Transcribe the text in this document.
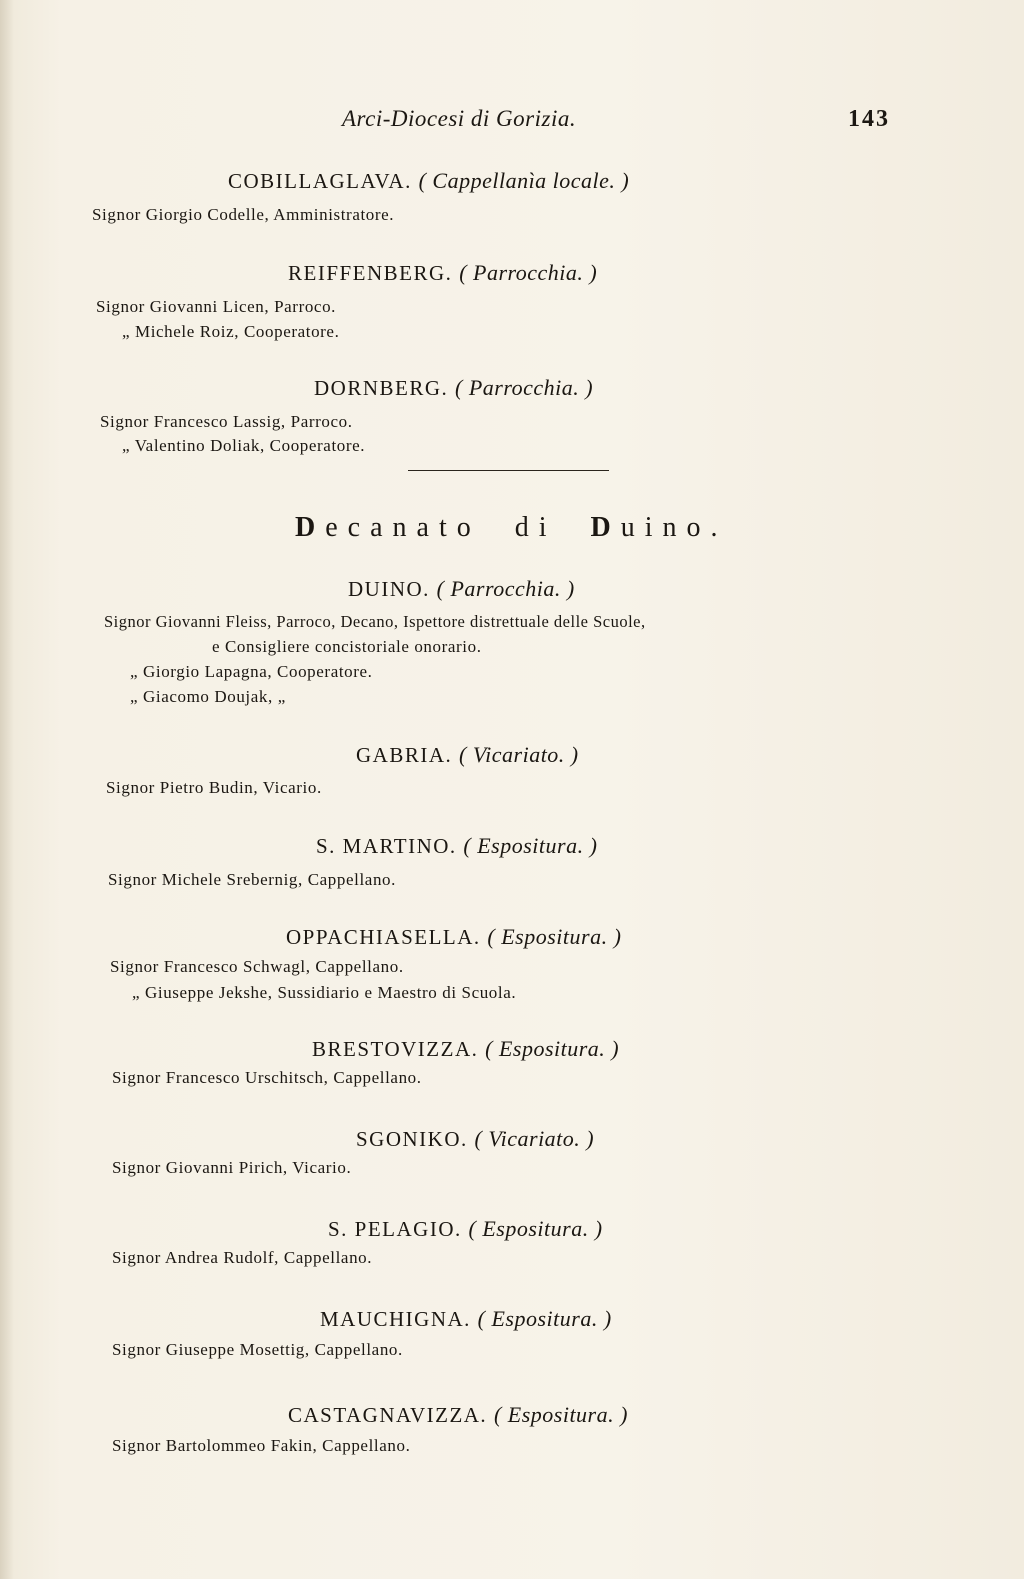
Arci-Diocesi di Gorizia.	143
COBILLAGLAVA. ( Cappellanìa locale. )
Signor Giorgio Codelle, Amministratore.
REIFFENBERG. ( Parrocchia. )
Signor Giovanni Licen, Parroco.
„ Michele Roiz, Cooperatore.
DORNBERG. ( Parrocchia. )
Signor Francesco Lassig, Parroco.
„ Valentino Doliak, Cooperatore.
Decanato di Duino.
DUINO. ( Parrocchia. )
Signor Giovanni Fleiss, Parroco, Decano, Ispettore distrettuale delle Scuole,
e Consigliere concistoriale onorario.
„ Giorgio Lapagna, Cooperatore.
„ Giacomo Doujak, „
GABRIA. ( Vicariato. )
Signor Pietro Budin, Vicario.
S. MARTINO. ( Espositura. )
Signor Michele Srebernig, Cappellano.
OPPACHIASELLA. ( Espositura. )
Signor Francesco Schwagl, Cappellano.
„ Giuseppe Jekshe, Sussidiario e Maestro di Scuola.
BRESTOVIZZA. ( Espositura. )
Signor Francesco Urschitsch, Cappellano.
SGONIKO. ( Vicariato. )
Signor Giovanni Pirich, Vicario.
S. PELAGIO. ( Espositura. )
Signor Andrea Rudolf, Cappellano.
MAUCHIGNA. ( Espositura. )
Signor Giuseppe Mosettig, Cappellano.
CASTAGNAVIZZA. ( Espositura. )
Signor Bartolommeo Fakin, Cappellano.
